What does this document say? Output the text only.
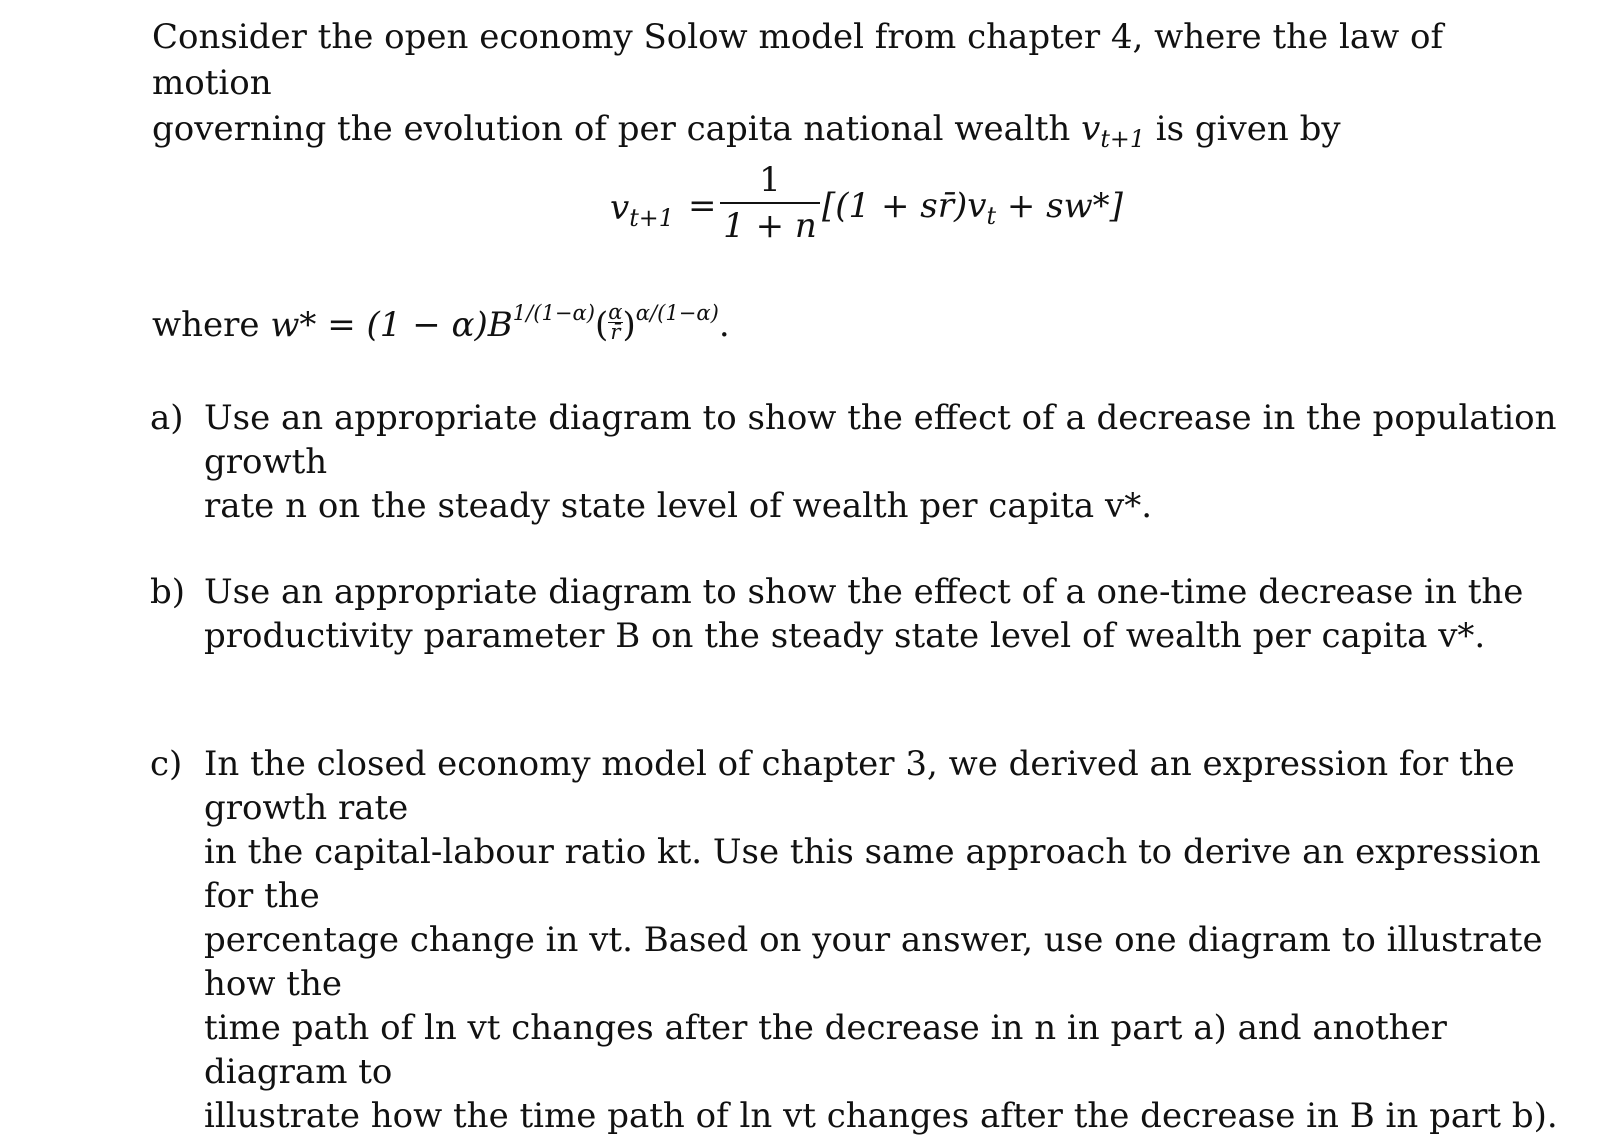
Consider the open economy Solow model from chapter 4, where the law of motion
governing the evolution of per capita national wealth $v_{t+1}$ is given by
$v_{t+1}$ =
1
1 + n $[(1 + sr̄)v_t + sw*]$
where $w* = (1 - \alpha)B^{1/(1-\alpha)}( \frac{\alpha}{r̄} )^{\alpha/(1-\alpha)}$.
a) Use an appropriate diagram to show the effect of a decrease in the population growth
rate n on the steady state level of wealth per capita v*.
b) Use an appropriate diagram to show the effect of a one-time decrease in the
productivity parameter B on the steady state level of wealth per capita v*.
c) In the closed economy model of chapter 3, we derived an expression for the growth rate
in the capital-labour ratio kt. Use this same approach to derive an expression for the
percentage change in vt. Based on your answer, use one diagram to illustrate how the
time path of ln vt changes after the decrease in n in part a) and another diagram to
illustrate how the time path of ln vt changes after the decrease in B in part b).
